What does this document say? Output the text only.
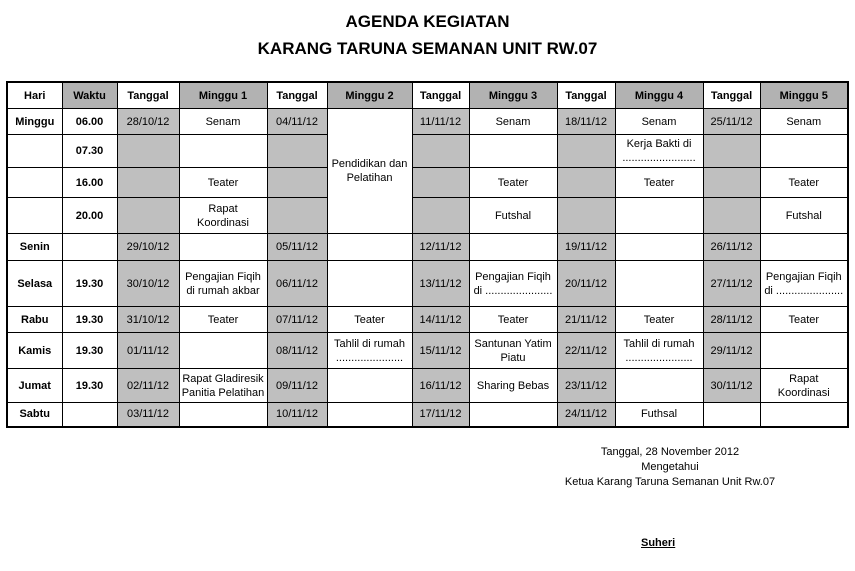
AGENDA KEGIATAN
KARANG TARUNA SEMANAN UNIT RW.07
Hari	Waktu	Tanggal	Minggu 1	Tanggal	Minggu 2	Tanggal	Minggu 3	Tanggal	Minggu 4	Tanggal	Minggu 5
Minggu	06.00	28/10/12	Senam	04/11/12	Pendidikan dan Pelatihan	11/11/12	Senam	18/11/12	Senam	25/11/12	Senam
	07.30								Kerja Bakti di ........................		
	16.00		Teater				Teater		Teater		Teater
	20.00		Rapat Koordinasi				Futshal				Futshal
Senin		29/10/12		05/11/12		12/11/12		19/11/12		26/11/12	
Selasa	19.30	30/10/12	Pengajian Fiqih di rumah akbar	06/11/12		13/11/12	Pengajian Fiqih di ......................	20/11/12		27/11/12	Pengajian Fiqih di ......................
Rabu	19.30	31/10/12	Teater	07/11/12	Teater	14/11/12	Teater	21/11/12	Teater	28/11/12	Teater
Kamis	19.30	01/11/12		08/11/12	Tahlil di rumah ......................	15/11/12	Santunan Yatim Piatu	22/11/12	Tahlil di rumah ......................	29/11/12	
Jumat	19.30	02/11/12	Rapat Gladiresik Panitia Pelatihan	09/11/12		16/11/12	Sharing Bebas	23/11/12		30/11/12	Rapat Koordinasi
Sabtu		03/11/12		10/11/12		17/11/12		24/11/12	Futhsal		
Tanggal, 28 November 2012
Mengetahui
Ketua Karang Taruna Semanan Unit Rw.07
Suheri
